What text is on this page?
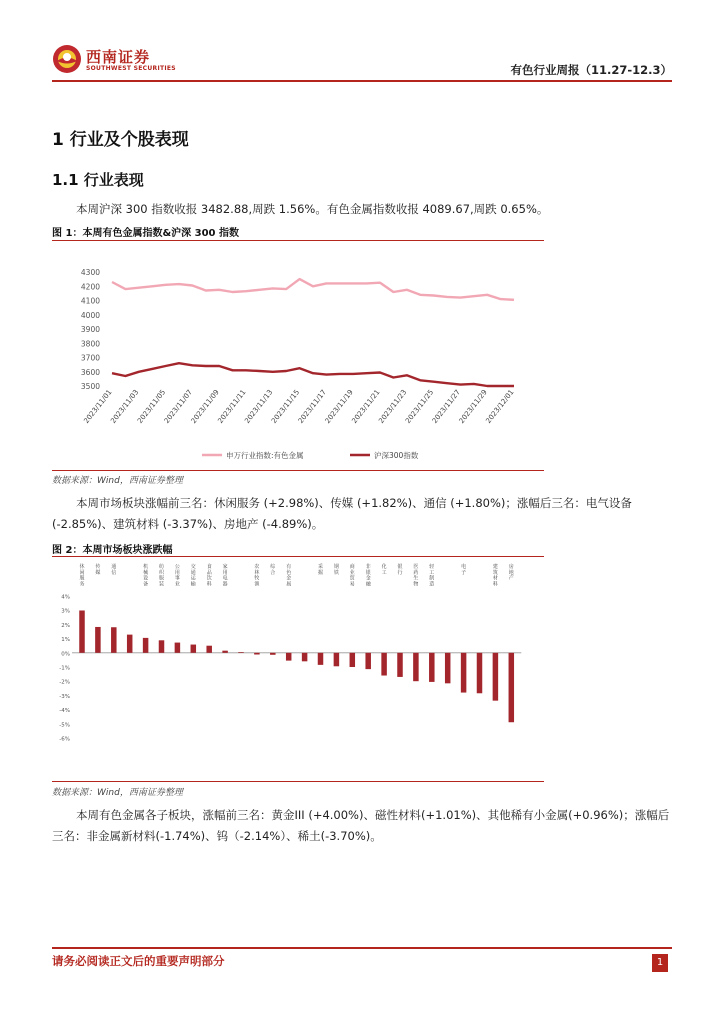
西南证券
SOUTHWEST SECURITIES	有色行业周报（11.27-12.3）
1 行业及个股表现
1.1 行业表现
本周沪深 300 指数收报 3482.88,周跌 1.56%。有色金属指数收报 4089.67,周跌 0.65%。
图 1：本周有色金属指数&沪深 300 指数
3500
3600
3700
3800
3900
4000
4100
4200
4300
2023/11/01
2023/11/03
2023/11/05
2023/11/07
2023/11/09
2023/11/11
2023/11/13
2023/11/15
2023/11/17
2023/11/19
2023/11/21
2023/11/23
2023/11/25
2023/11/27
2023/11/29
2023/12/01
申万行业指数:有色金属	沪深300指数
数据来源：Wind，西南证券整理
本周市场板块涨幅前三名：休闲服务 (+2.98%)、传媒 (+1.82%)、通信 (+1.80%)；涨幅后三名：电气设备 (-2.85%)、建筑材料 (-3.37%)、房地产 (-4.89%)。
图 2：本周市场板块涨跌幅
4%
3%
2%
1%
0%
-1%
-2%
-3%
-4%
-5%
-6%
休闲服务
传媒
通信
机械设备
纺织服装
公用事业
交通运输
食品饮料
家用电器
农林牧渔
综合
有色金属
采掘
钢铁
商业贸易
非银金融
化工
银行
医药生物
轻工制造
电子
建筑材料
房地产
数据来源：Wind，西南证券整理
本周有色金属各子板块，涨幅前三名：黄金III (+4.00%)、磁性材料(+1.01%)、其他稀有小金属(+0.96%)；涨幅后三名：非金属新材料(-1.74%)、钨（-2.14%）、稀土(-3.70%)。
请务必阅读正文后的重要声明部分	1
